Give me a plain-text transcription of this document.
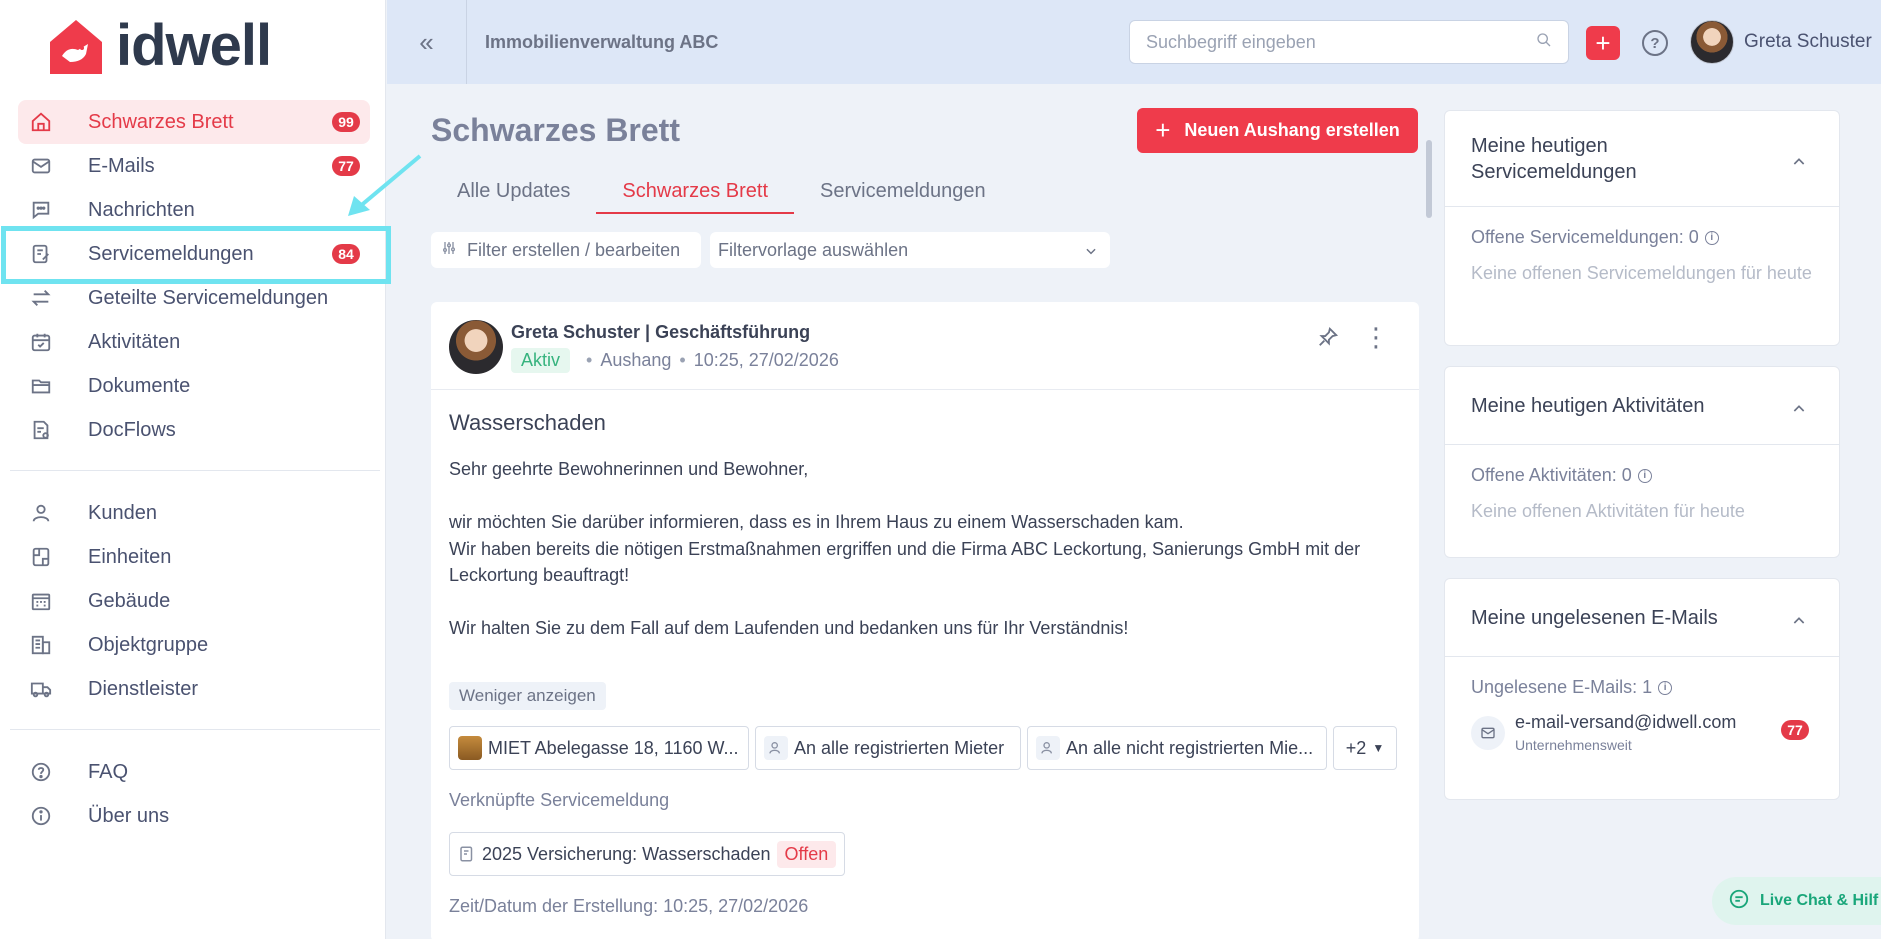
idwell
Schwarzes Brett	99
E-Mails	77
Nachrichten
Servicemeldungen	84
Geteilte Servicemeldungen
Aktivitäten
Dokumente
DocFlows
Kunden
Einheiten
Gebäude
Objektgruppe
Dienstleister
FAQ
Über uns
«	Immobilienverwaltung ABC
Suchbegriff eingeben	+	?	Greta Schuster
Schwarzes Brett	+ Neuen Aushang erstellen
Alle Updates	Schwarzes Brett	Servicemeldungen
Filter erstellen / bearbeiten Filtervorlage auswählen
Greta Schuster | Geschäftsführung
Aktiv	• Aushang • 10:25, 27/02/2026
⋮
Wasserschaden

Sehr geehrte Bewohnerinnen und Bewohner,

wir möchten Sie darüber informieren, dass es in Ihrem Haus zu einem Wasserschaden kam.
Wir haben bereits die nötigen Erstmaßnahmen ergriffen und die Firma ABC Leckortung, Sanierungs GmbH mit der Leckortung beauftragt!

Wir halten Sie zu dem Fall auf dem Laufenden und bedanken uns für Ihr Verständnis!

Weniger anzeigen
MIET Abelegasse 18, 1160 W...	An alle registrierten Mieter	An alle nicht registrierten Mie... +2 ▼
Verknüpfte Servicemeldung
2025 Versicherung: Wasserschaden Offen
Zeit/Datum der Erstellung: 10:25, 27/02/2026
Meine heutigen Servicemeldungen
Offene Servicemeldungen: 0	i
Keine offenen Servicemeldungen für heute
Meine heutigen Aktivitäten
Offene Aktivitäten: 0	i
Keine offenen Aktivitäten für heute
Meine ungelesenen E-Mails
Ungelesene E-Mails: 1	i
e-mail-versand@idwell.com
Unternehmensweit
77
Live Chat & Hilf
